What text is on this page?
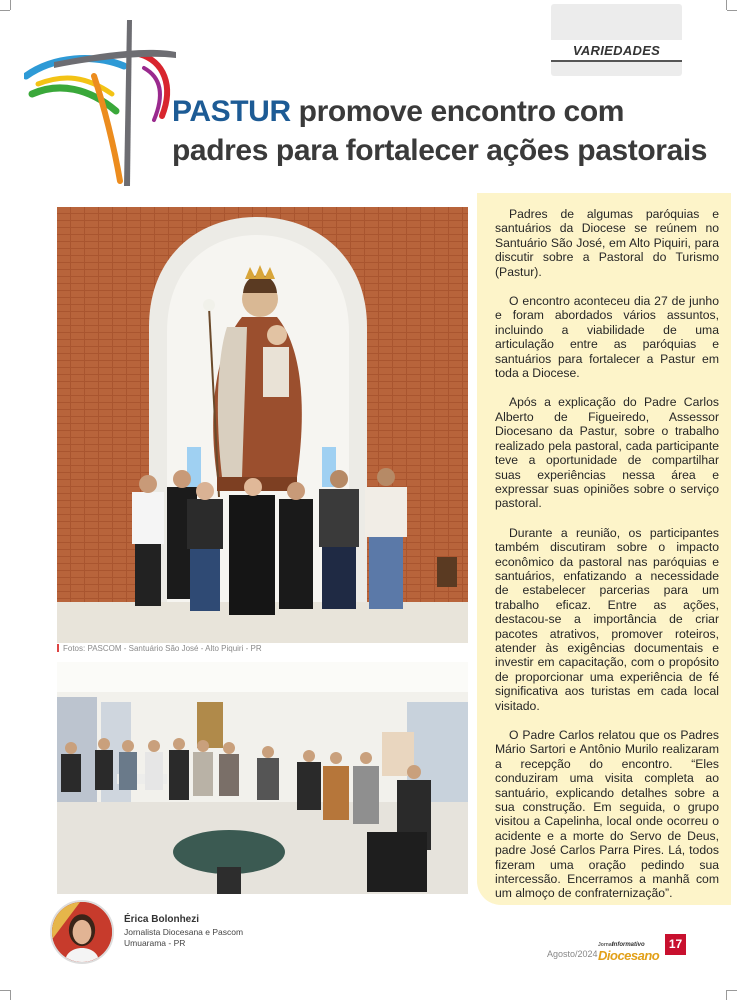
VARIEDADES
PASTUR promove encontro com
padres para fortalecer ações pastorais
Fotos: PASCOM - Santuário São José - Alto Piquiri - PR

Padres de algumas paróquias e santuários da Diocese se reúnem no Santuário São José, em Alto Piquiri, para discutir sobre a Pastoral do Turismo (Pastur).

O encontro aconteceu dia 27 de junho e foram abordados vários assuntos, incluindo a viabilidade de uma articulação entre as paróquias e santuários para fortalecer a Pastur em toda a Diocese.

Após a explicação do Padre Carlos Alberto de Figueiredo, Assessor Diocesano da Pastur, sobre o trabalho realizado pela pastoral, cada participante teve a oportunidade de compartilhar suas experiências nessa área e expressar suas opiniões sobre o serviço pastoral.

Durante a reunião, os participantes também discutiram sobre o impacto econômico da pastoral nas paróquias e santuários, enfatizando a necessidade de estabelecer parcerias para um trabalho eficaz. Entre as ações, destacou-se a importância de criar pacotes atrativos, promover roteiros, atender às exigências documentais e investir em capacitação, com o propósito de proporcionar uma experiência de fé significativa aos turistas em cada local visitado.

O Padre Carlos relatou que os Padres Mário Sartori e Antônio Murilo realizaram a recepção do encontro. “Eles conduziram uma visita completa ao santuário, explicando detalhes sobre a sua construção. Em seguida, o grupo visitou a Capelinha, local onde ocorreu o acidente e a morte do Servo de Deus, padre José Carlos Parra Pires. Lá, todos fizeram uma oração pedindo sua intercessão. Encerramos a manhã com um almoço de confraternização”.

Érica Bolonhezi
Jornalista Diocesana e Pascom
Umuarama - PR
Agosto/2024
Jornal
Informativo
Diocesano
17
